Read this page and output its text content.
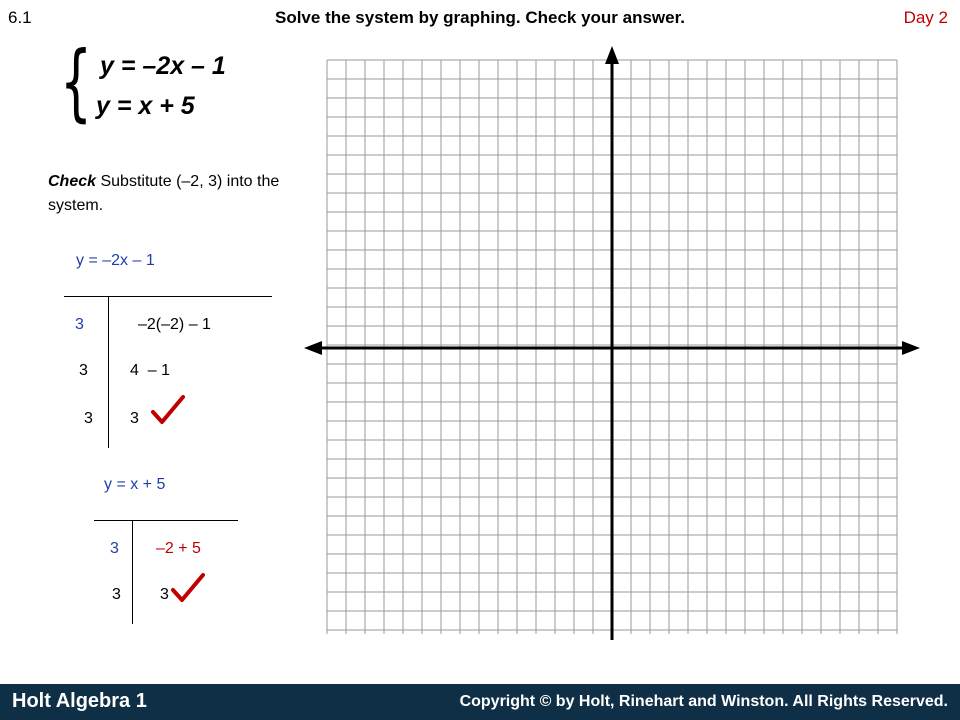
6.1	Solve the system by graphing. Check your answer.	Day 2
{ y = –2x – 1
y = x + 5
Check Substitute (–2, 3) into the system.
y = –2x – 1
3	–2(–2) – 1
3	4  – 1
3 3
y = x + 5
3 –2 + 5
3 3
Holt Algebra 1	Copyright © by Holt, Rinehart and Winston. All Rights Reserved.
